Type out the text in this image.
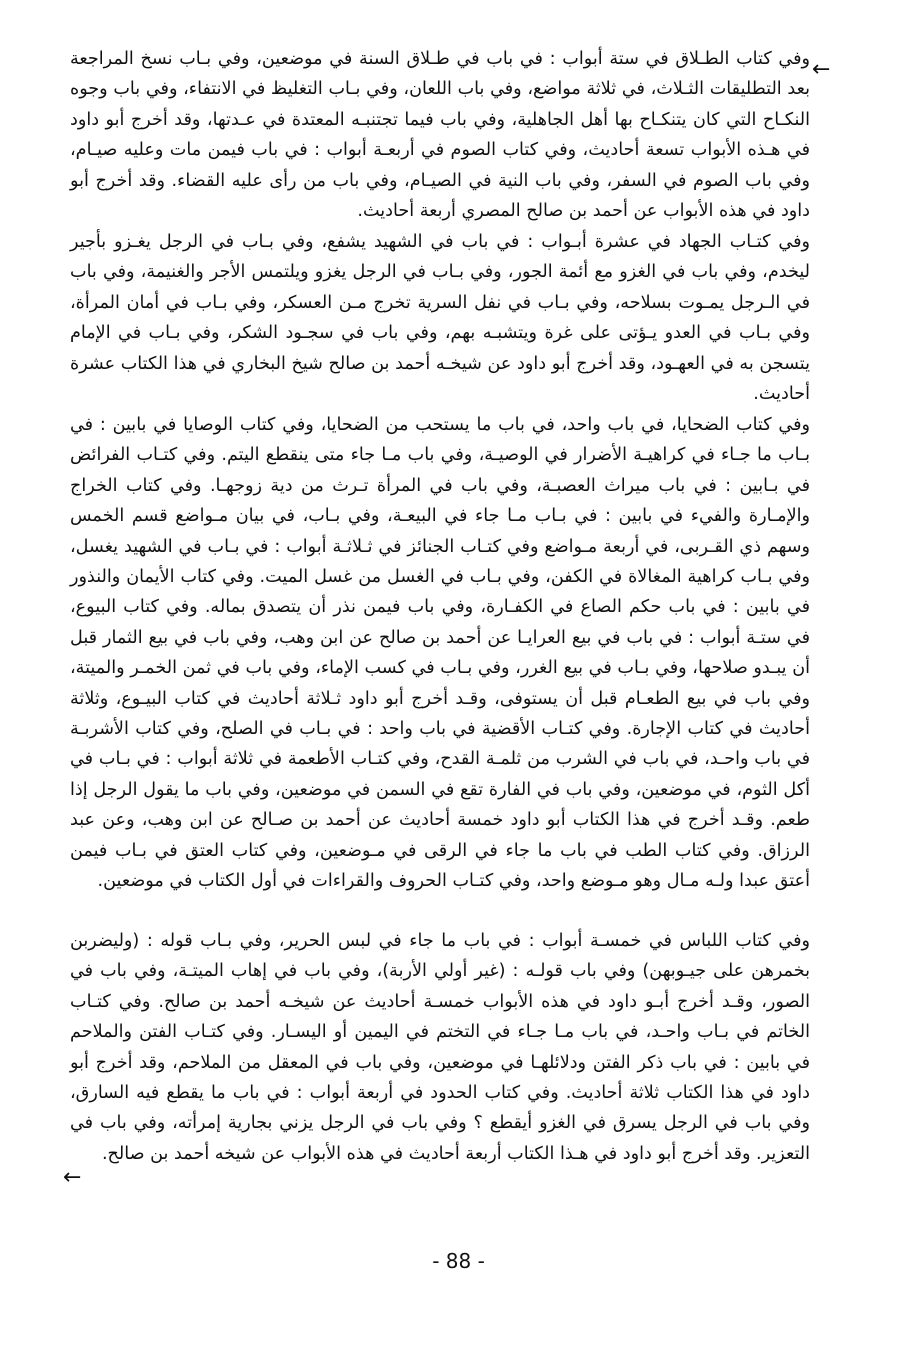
←

وفي كتاب الطـلاق في ستة أبواب : في باب في طـلاق السنة في موضعين، وفي بـاب نسخ المراجعة بعد التطليقات الثـلاث، في ثلاثة مواضع، وفي باب اللعان، وفي بـاب التغليظ في الانتفاء، وفي باب وجوه النكـاح التي كان يتنكـاح بها أهل الجاهلية، وفي باب فيما تجتنبـه المعتدة في عـدتها، وقد أخرج أبو داود في هـذه الأبواب تسعة أحاديث، وفي كتاب الصوم في أربعـة أبواب : في باب فيمن مات وعليه صيـام، وفي باب الصوم في السفر، وفي باب النية في الصيـام، وفي باب من رأى عليه القضاء. وقد أخرج أبو داود في هذه الأبواب عن أحمد بن صالح المصري أربعة أحاديث.

وفي كتـاب الجهاد في عشرة أبـواب : في باب في الشهيد يشفع، وفي بـاب في الرجل يغـزو بأجير ليخدم، وفي باب في الغزو مع أئمة الجور، وفي بـاب في الرجل يغزو ويلتمس الأجر والغنيمة، وفي باب في الـرجل يمـوت بسلاحه، وفي بـاب في نفل السرية تخرج مـن العسكر، وفي بـاب في أمان المرأة، وفي بـاب في العدو يـؤتى على غرة ويتشبـه بهم، وفي باب في سجـود الشكر، وفي بـاب في الإمام يتسجن به في العهـود، وقد أخرج أبو داود عن شيخـه أحمد بن صالح شيخ البخاري في هذا الكتاب عشرة أحاديث.

وفي كتاب الضحايا، في باب واحد، في باب ما يستحب من الضحايا، وفي كتاب الوصايا في بابين : في بـاب ما جـاء في كراهيـة الأضرار في الوصيـة، وفي باب مـا جاء متى ينقطع اليتم. وفي كتـاب الفرائض في بـابين : في باب ميراث العصبـة، وفي باب في المرأة تـرث من دية زوجهـا. وفي كتاب الخراج والإمـارة والفيء في بابين : في بـاب مـا جاء في البيعـة، وفي بـاب، في بيان مـواضع قسم الخمس وسهم ذي القـربى، في أربعة مـواضع وفي كتـاب الجنائز في ثـلاثـة أبواب : في بـاب في الشهيد يغسل، وفي بـاب كراهية المغالاة في الكفن، وفي بـاب في الغسل من غسل الميت. وفي كتاب الأيمان والنذور في بابين : في باب حكم الصاع في الكفـارة، وفي باب فيمن نذر أن يتصدق بماله. وفي كتاب البيوع، في ستـة أبواب : في باب في بيع العرايـا عن أحمد بن صالح عن ابن وهب، وفي باب في بيع الثمار قبل أن يبـدو صلاحها، وفي بـاب في بيع الغرر، وفي بـاب في كسب الإماء، وفي باب في ثمن الخمـر والميتة، وفي باب في بيع الطعـام قبل أن يستوفى، وقـد أخرج أبو داود ثـلاثة أحاديث في كتاب البيـوع، وثلاثة أحاديث في كتاب الإجارة. وفي كتـاب الأقضية في باب واحد : في بـاب في الصلح، وفي كتاب الأشربـة في باب واحـد، في باب في الشرب من ثلمـة القدح، وفي كتـاب الأطعمة في ثلاثة أبواب : في بـاب في أكل الثوم، في موضعين، وفي باب في الفارة تقع في السمن في موضعين، وفي باب ما يقول الرجل إذا طعم. وقـد أخرج في هذا الكتاب أبو داود خمسة أحاديث عن أحمد بن صـالح عن ابن وهب، وعن عبد الرزاق. وفي كتاب الطب في باب ما جاء في الرقى في مـوضعين، وفي كتاب العتق في بـاب فيمن أعتق عبدا ولـه مـال وهو مـوضع واحد، وفي كتـاب الحروف والقراءات في أول الكتاب في موضعين.

وفي كتاب اللباس في خمسـة أبواب : في باب ما جاء في لبس الحرير، وفي بـاب قوله : (وليضربن بخمرهن على جيـوبهن) وفي باب قولـه : (غير أولي الأربة)، وفي باب في إهاب الميتـة، وفي باب في الصور، وقـد أخرج أبـو داود في هذه الأبواب خمسـة أحاديث عن شيخـه أحمد بن صالح. وفي كتـاب الخاتم في بـاب واحـد، في باب مـا جـاء في التختم في اليمين أو اليسـار. وفي كتـاب الفتن والملاحم في بابين : في باب ذكر الفتن ودلائلهـا في موضعين، وفي باب في المعقل من الملاحم، وقد أخرج أبو داود في هذا الكتاب ثلاثة أحاديث. وفي كتاب الحدود في أربعة أبواب : في باب ما يقطع فيه السارق، وفي باب في الرجل يسرق في الغزو أيقطع ؟ وفي باب في الرجل يزني بجارية إمرأته، وفي باب في التعزير. وقد أخرج أبو داود في هـذا الكتاب أربعة أحاديث في هذه الأبواب عن شيخه أحمد بن صالح.

←
- 88 -
